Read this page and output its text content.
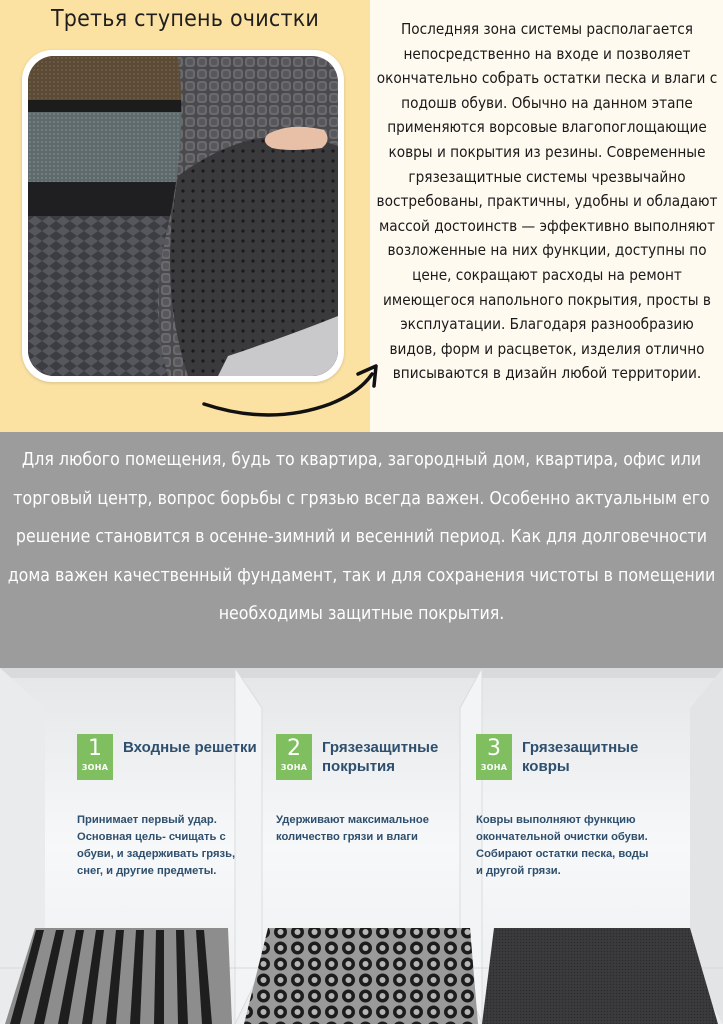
Третья ступень очистки	Последняя зона системы располагается непосредственно на входе и позволяет окончательно собрать остатки песка и влаги с подошв обуви. Обычно на данном этапе применяются ворсовые влагопоглощающие ковры и покрытия из резины. Современные грязезащитные системы чрезвычайно востребованы, практичны, удобны и обладают массой достоинств — эффективно выполняют возложенные на них функции, доступны по цене, сокращают расходы на ремонт имеющегося напольного покрытия, просты в эксплуатации. Благодаря разнообразию видов, форм и расцветок, изделия отлично вписываются в дизайн любой территории.
Для любого помещения, будь то квартира, загородный дом, квартира, офис или торговый центр, вопрос борьбы с грязью всегда важен. Особенно актуальным его решение становится в осенне-зимний и весенний период. Как для долговечности дома важен качественный фундамент, так и для сохранения чистоты в помещении необходимы защитные покрытия.
1
ЗОНА
Входные решетки
Принимает первый удар. Основная цель- счищать с обуви, и задерживать грязь, снег, и другие предметы.
2
ЗОНА
Грязезащитные покрытия
Удерживают максимальное количество грязи и влаги
3
ЗОНА
Грязезащитные ковры
Ковры выполняют функцию окончательной очистки обуви. Собирают остатки песка, воды и другой грязи.
